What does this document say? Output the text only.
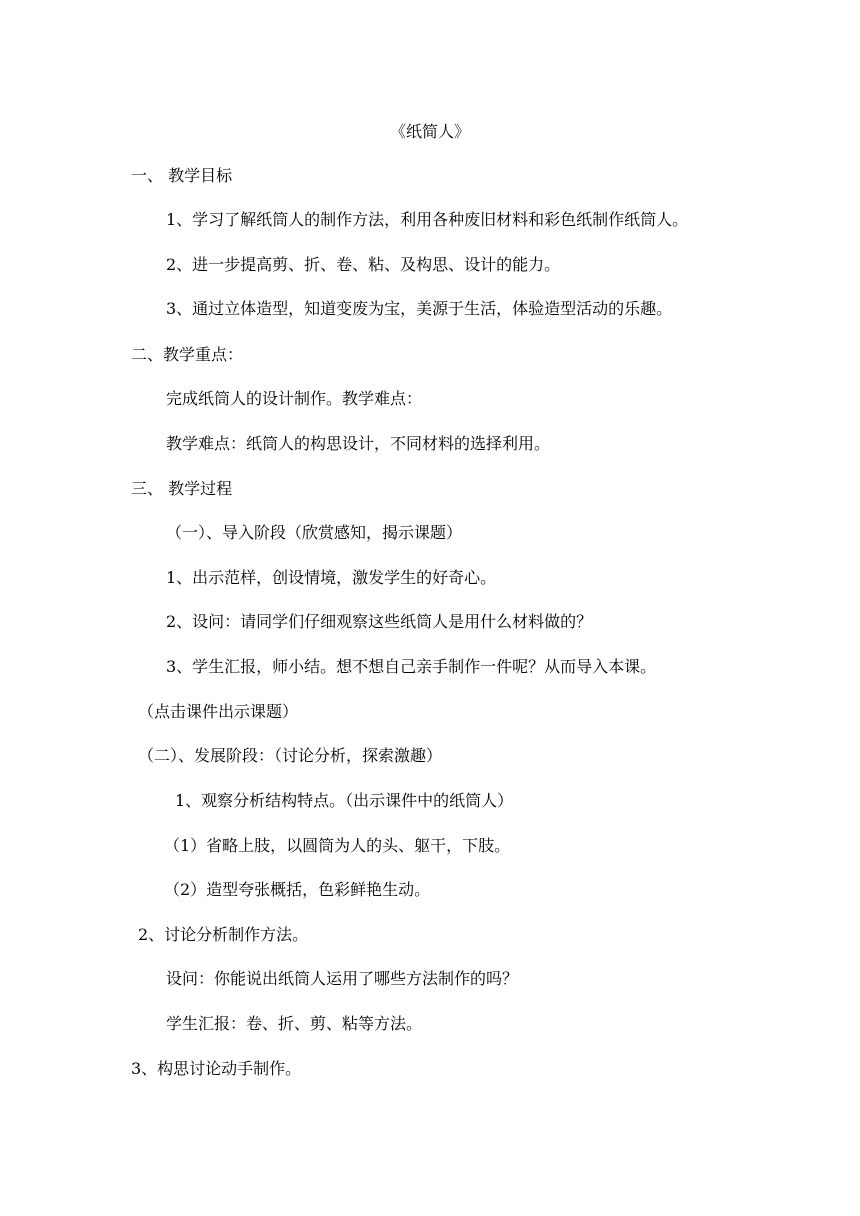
《纸简人》
一、 教学目标
1、学习了解纸筒人的制作方法，利用各种废旧材料和彩色纸制作纸筒人。
2、进一步提高剪、折、卷、粘、及构思、设计的能力。
3、通过立体造型，知道变废为宝，美源于生活，体验造型活动的乐趣。
二、教学重点：
完成纸筒人的设计制作。教学难点：
教学难点：纸筒人的构思设计，不同材料的选择利用。
三、 教学过程
（一）、导入阶段（欣赏感知，揭示课题）
1、出示范样，创设情境，激发学生的好奇心。
2、设问：请同学们仔细观察这些纸筒人是用什么材料做的？
3、学生汇报，师小结。想不想自己亲手制作一件呢？从而导入本课。
（点击课件出示课题）
（二）、发展阶段：（讨论分析，探索激趣）
1、观察分析结构特点。（出示课件中的纸筒人）
（1）省略上肢，以圆筒为人的头、躯干，下肢。
（2）造型夸张概括，色彩鲜艳生动。
2、讨论分析制作方法。
设问：你能说出纸筒人运用了哪些方法制作的吗？
学生汇报：卷、折、剪、粘等方法。
3、构思讨论动手制作。
